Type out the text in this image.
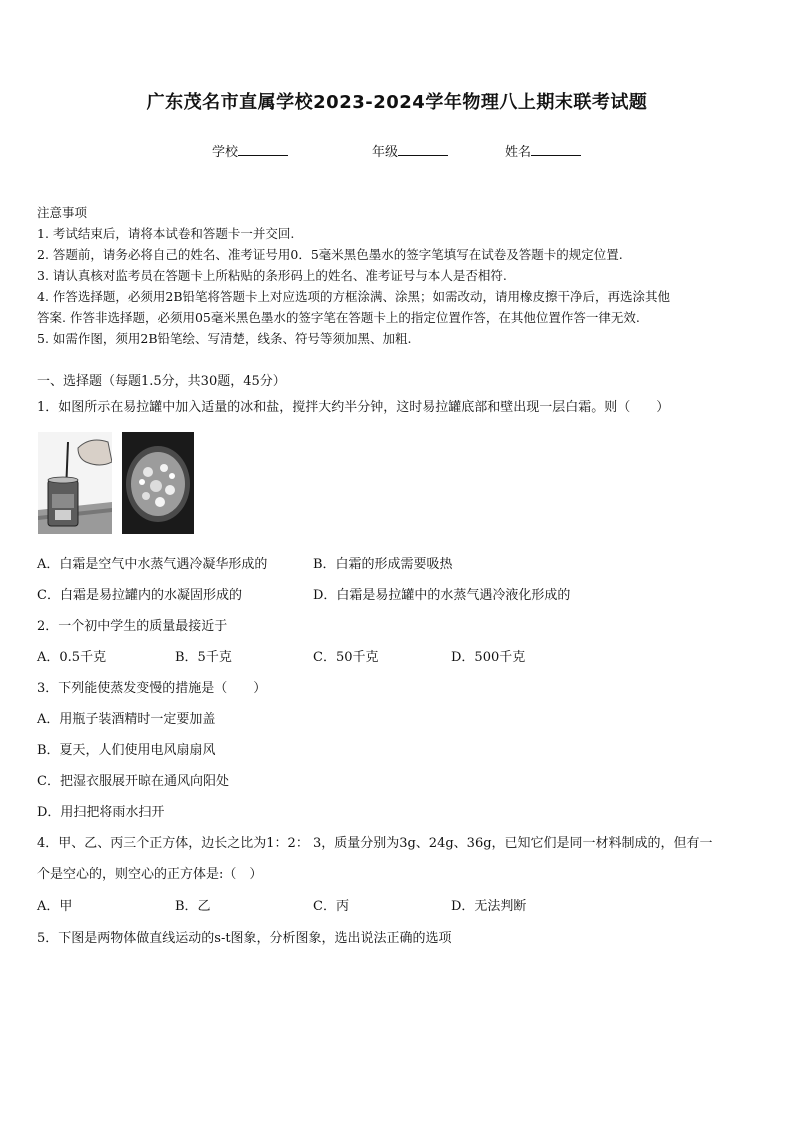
广东茂名市直属学校2023-2024学年物理八上期末联考试题
学校	年级	姓名
注意事项
1. 考试结束后，请将本试卷和答题卡一并交回.
2. 答题前，请务必将自己的姓名、准考证号用0．5毫米黑色墨水的签字笔填写在试卷及答题卡的规定位置.
3. 请认真核对监考员在答题卡上所粘贴的条形码上的姓名、准考证号与本人是否相符.
4. 作答选择题，必须用2B铅笔将答题卡上对应选项的方框涂满、涂黑；如需改动，请用橡皮擦干净后，再选涂其他
答案. 作答非选择题，必须用05毫米黑色墨水的签字笔在答题卡上的指定位置作答，在其他位置作答一律无效.
5. 如需作图，须用2B铅笔绘、写清楚，线条、符号等须加黑、加粗.
一、选择题（每题1.5分，共30题，45分）
1．如图所示在易拉罐中加入适量的冰和盐，搅拌大约半分钟，这时易拉罐底部和壁出现一层白霜。则（　　）
A．白霜是空气中水蒸气遇冷凝华形成的	B．白霜的形成需要吸热
C．白霜是易拉罐内的水凝固形成的	D．白霜是易拉罐中的水蒸气遇冷液化形成的
2．一个初中学生的质量最接近于
A．0.5千克	B．5千克	C．50千克	D．500千克
3．下列能使蒸发变慢的措施是（　　）
A．用瓶子装酒精时一定要加盖
B．夏天，人们使用电风扇扇风
C．把湿衣服展开晾在通风向阳处
D．用扫把将雨水扫开
4．甲、乙、丙三个正方体，边长之比为1：2： 3，质量分别为3g、24g、36g，已知它们是同一材料制成的，但有一
个是空心的，则空心的正方体是:（　）
A．甲	B．乙	C．丙	D．无法判断
5．下图是两物体做直线运动的s-t图象，分析图象，选出说法正确的选项
